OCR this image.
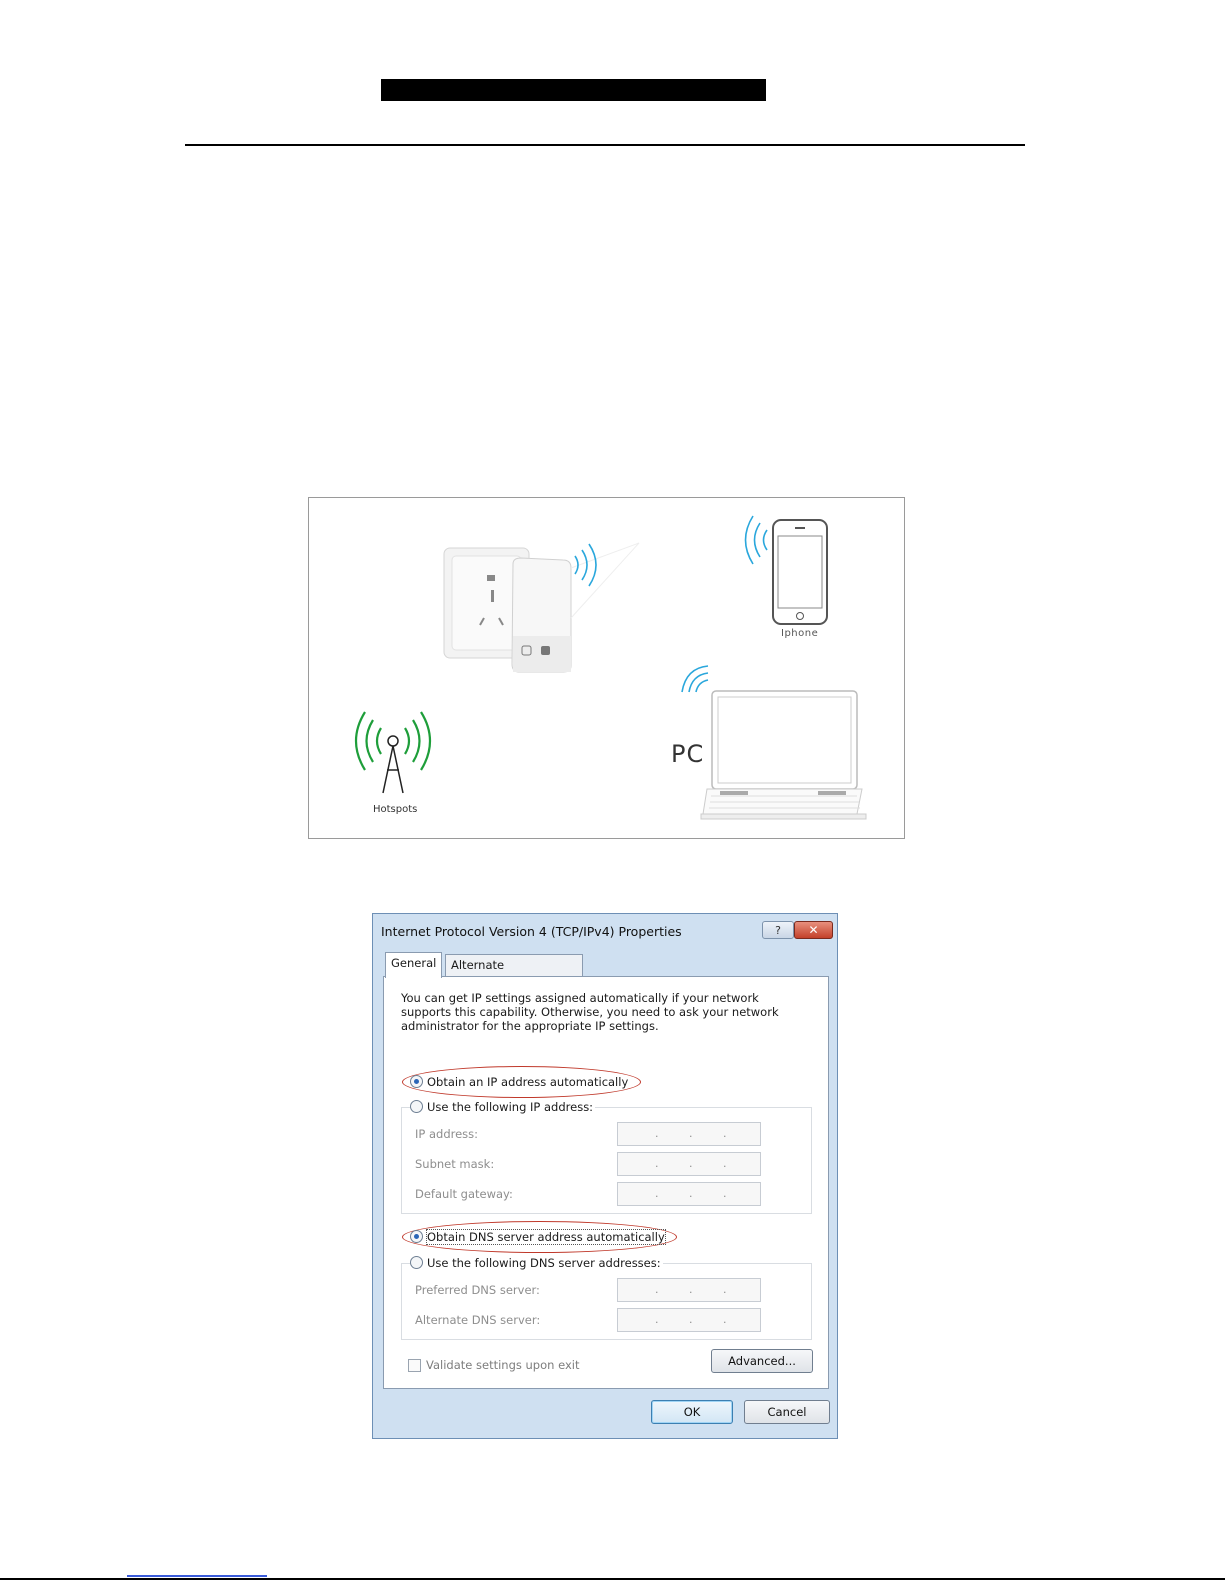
Iphone
Hotspots
PC
Internet Protocol Version 4 (TCP/IPv4) Properties	?	✕
General	Alternate
You can get IP settings assigned automatically if your network supports this capability. Otherwise, you need to ask your network administrator for the appropriate IP settings.
Obtain an IP address automatically
Use the following IP address:
IP address:	.	.	.
Subnet mask:	.	.	.
Default gateway:	.	.	.
Obtain DNS server address automatically
Use the following DNS server addresses:
Preferred DNS server:	.	.	.
Alternate DNS server:	.	.	.
Validate settings upon exit	Advanced...
OK	Cancel
